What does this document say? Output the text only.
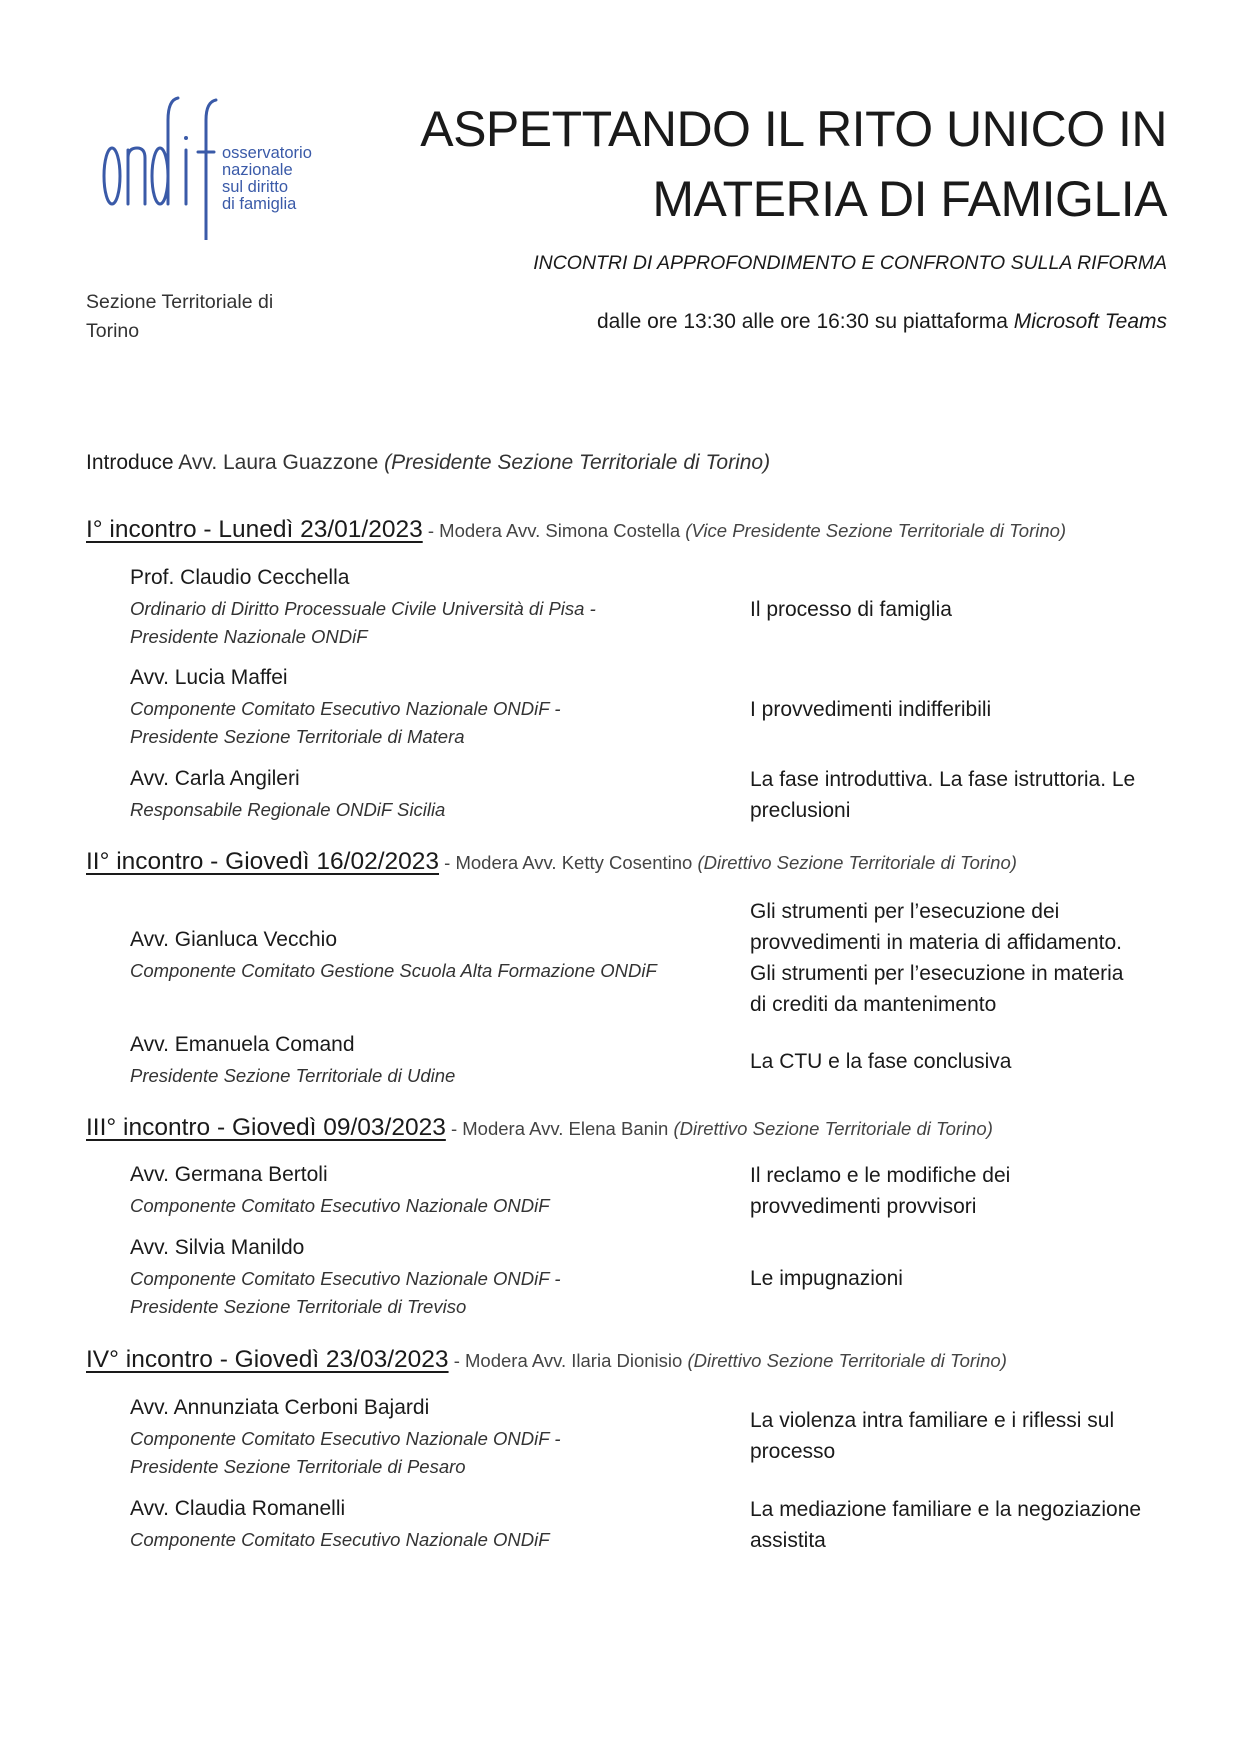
osservatorio
nazionale
sul diritto
di famiglia
ASPETTANDO IL RITO UNICO IN
MATERIA DI FAMIGLIA
INCONTRI DI APPROFONDIMENTO E CONFRONTO SULLA RIFORMA
dalle ore 13:30 alle ore 16:30 su piattaforma Microsoft Teams
Sezione Territoriale di
Torino
Introduce Avv. Laura Guazzone (Presidente Sezione Territoriale di Torino)
I° incontro - Lunedì 23/01/2023 - Modera Avv. Simona Costella (Vice Presidente Sezione Territoriale di Torino)
Prof. Claudio Cecchella
Ordinario di Diritto Processuale Civile Università di Pisa -
Presidente Nazionale ONDiF
Il processo di famiglia
Avv. Lucia Maffei
Componente Comitato Esecutivo Nazionale ONDiF -
Presidente Sezione Territoriale di Matera
I provvedimenti indifferibili
Avv. Carla Angileri
Responsabile Regionale ONDiF Sicilia
La fase introduttiva. La fase istruttoria. Le
preclusioni
II° incontro - Giovedì 16/02/2023 - Modera Avv. Ketty Cosentino (Direttivo Sezione Territoriale di Torino)
Avv. Gianluca Vecchio
Componente Comitato Gestione Scuola Alta Formazione ONDiF
Gli strumenti per l’esecuzione dei
provvedimenti in materia di affidamento.
Gli strumenti per l’esecuzione in materia
di crediti da mantenimento
Avv. Emanuela Comand
Presidente Sezione Territoriale di Udine
La CTU e la fase conclusiva
III° incontro - Giovedì 09/03/2023 - Modera Avv. Elena Banin (Direttivo Sezione Territoriale di Torino)
Avv. Germana Bertoli
Componente Comitato Esecutivo Nazionale ONDiF
Il reclamo e le modifiche dei
provvedimenti provvisori
Avv. Silvia Manildo
Componente Comitato Esecutivo Nazionale ONDiF -
Presidente Sezione Territoriale di Treviso
Le impugnazioni
IV° incontro - Giovedì 23/03/2023 - Modera Avv. Ilaria Dionisio (Direttivo Sezione Territoriale di Torino)
Avv. Annunziata Cerboni Bajardi
Componente Comitato Esecutivo Nazionale ONDiF -
Presidente Sezione Territoriale di Pesaro
La violenza intra familiare e i riflessi sul
processo
Avv. Claudia Romanelli
Componente Comitato Esecutivo Nazionale ONDiF
La mediazione familiare e la negoziazione
assistita
